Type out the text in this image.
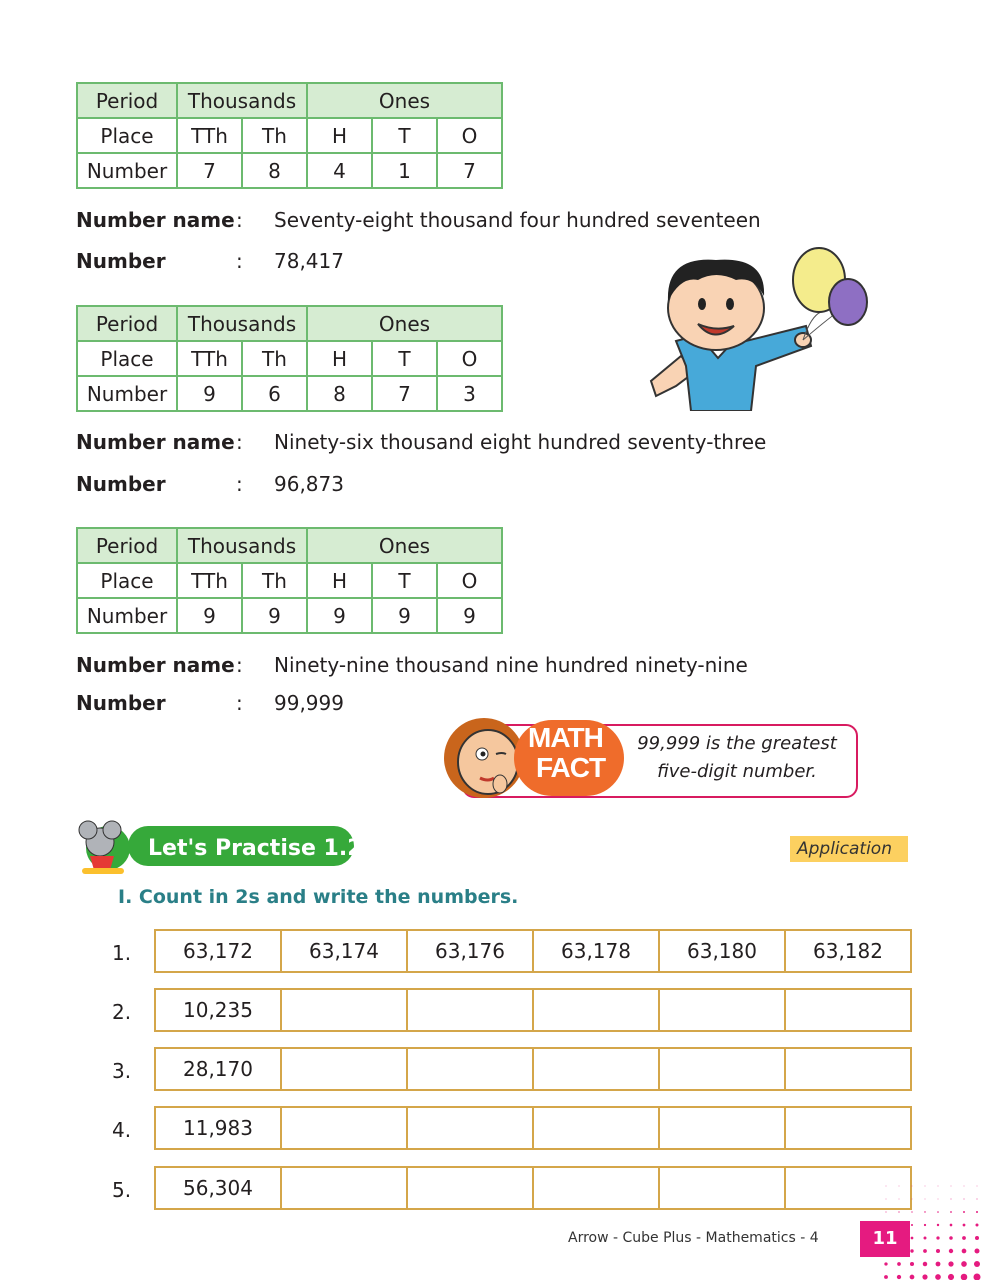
Period	Thousands		Ones		
Place	TTh	Th	H	T	O
Number	7	8	4	1	7
Number name: Seventy-eight thousand four hundred seventeen
Number	: 78,417
Period	Thousands		Ones		
Place	TTh	Th	H	T	O
Number	9	6	8	7	3
Number name: Ninety-six thousand eight hundred seventy-three
Number	: 96,873
Period	Thousands		Ones		
Place	TTh	Th	H	T	O
Number	9	9	9	9	9
Number name: Ninety-nine thousand nine hundred ninety-nine
Number	: 99,999
MATH
FACT
99,999 is the greatest
five-digit number.
Let's Practise 1.2	Application
I. Count in 2s and write the numbers.
1.	63,172	63,174	63,176	63,178	63,180	63,182
2.	10,235
3.	28,170
4.	11,983
5.	56,304
Arrow - Cube Plus - Mathematics - 4	11
